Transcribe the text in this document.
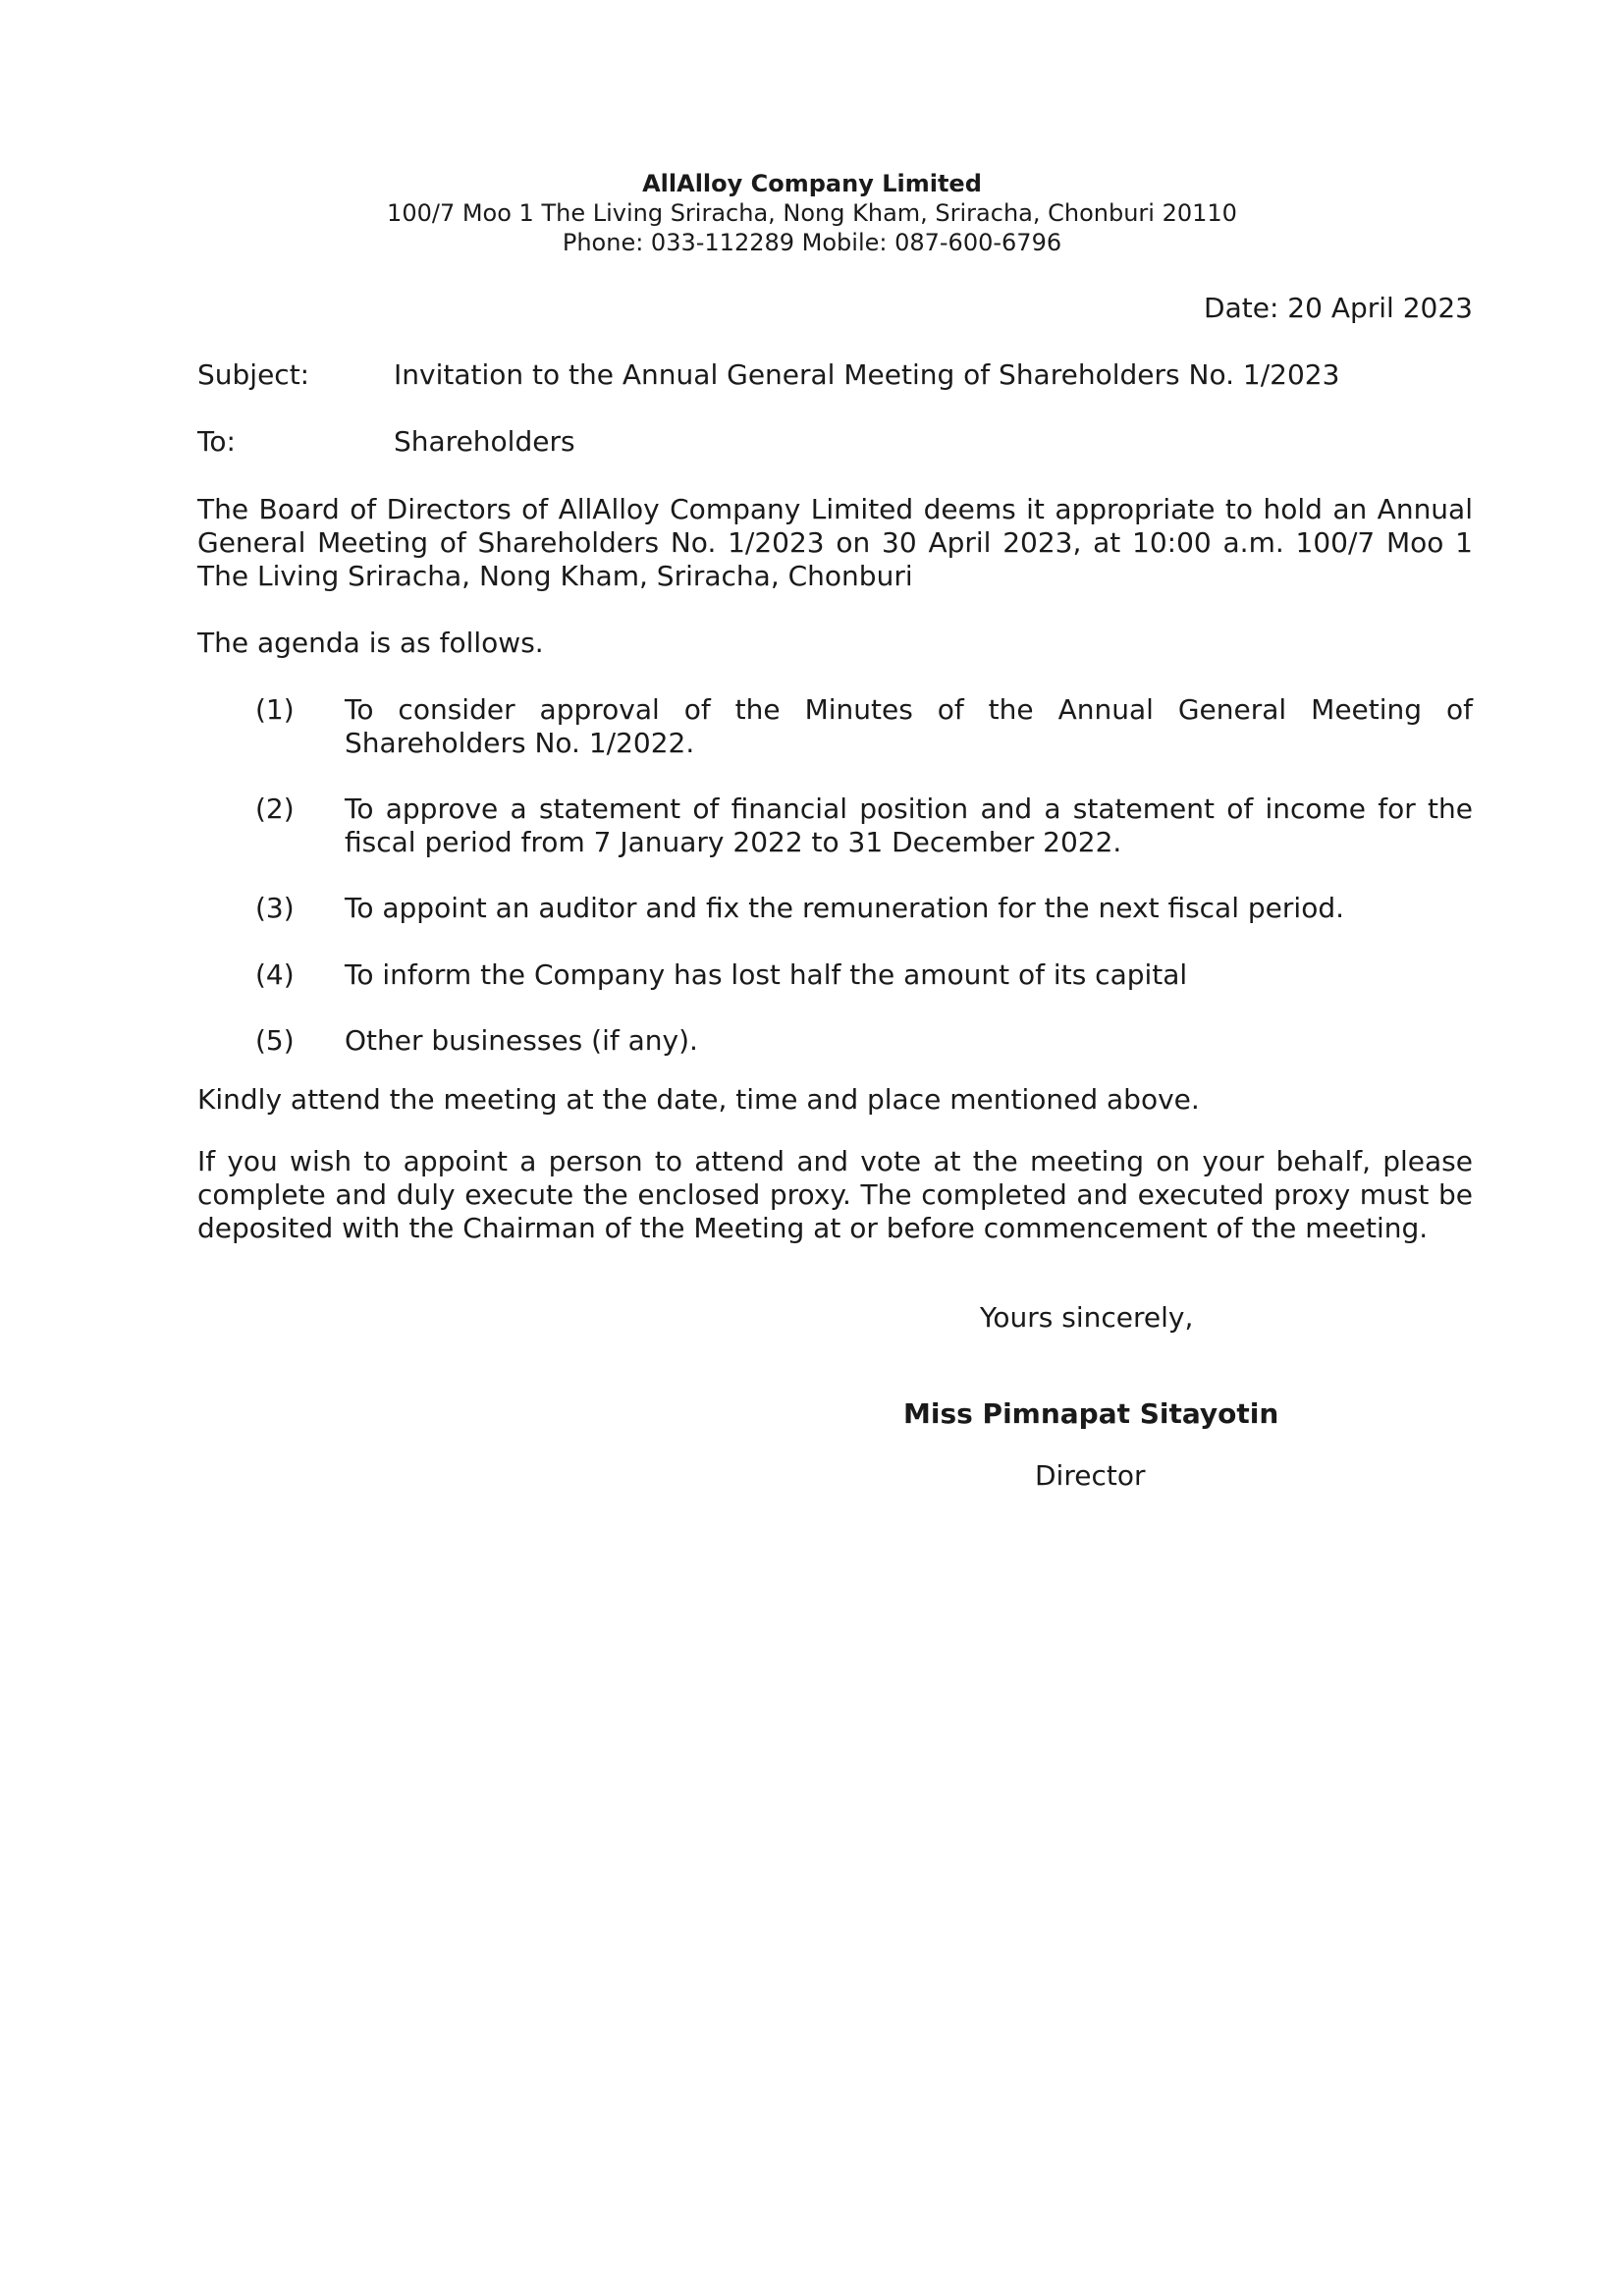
AllAlloy Company Limited
100/7 Moo 1 The Living Sriracha, Nong Kham, Sriracha, Chonburi 20110
Phone: 033-112289 Mobile: 087-600-6796
Date: 20 April 2023
Subject:	Invitation to the Annual General Meeting of Shareholders No. 1/2023
To:	Shareholders
The Board of Directors of AllAlloy Company Limited deems it appropriate to hold an Annual General Meeting of Shareholders No. 1/2023 on 30 April 2023, at 10:00 a.m. 100/7 Moo 1 The Living Sriracha, Nong Kham, Sriracha, Chonburi
The agenda is as follows.
(1) To consider approval of the Minutes of the Annual General Meeting of Shareholders No. 1/2022.
(2) To approve a statement of financial position and a statement of income for the fiscal period from 7 January 2022 to 31 December 2022.
(3) To appoint an auditor and fix the remuneration for the next fiscal period.
(4) To inform the Company has lost half the amount of its capital
(5) Other businesses (if any).
Kindly attend the meeting at the date, time and place mentioned above.
If you wish to appoint a person to attend and vote at the meeting on your behalf, please complete and duly execute the enclosed proxy. The completed and executed proxy must be deposited with the Chairman of the Meeting at or before commencement of the meeting.
Yours sincerely,
Miss Pimnapat Sitayotin
Director
